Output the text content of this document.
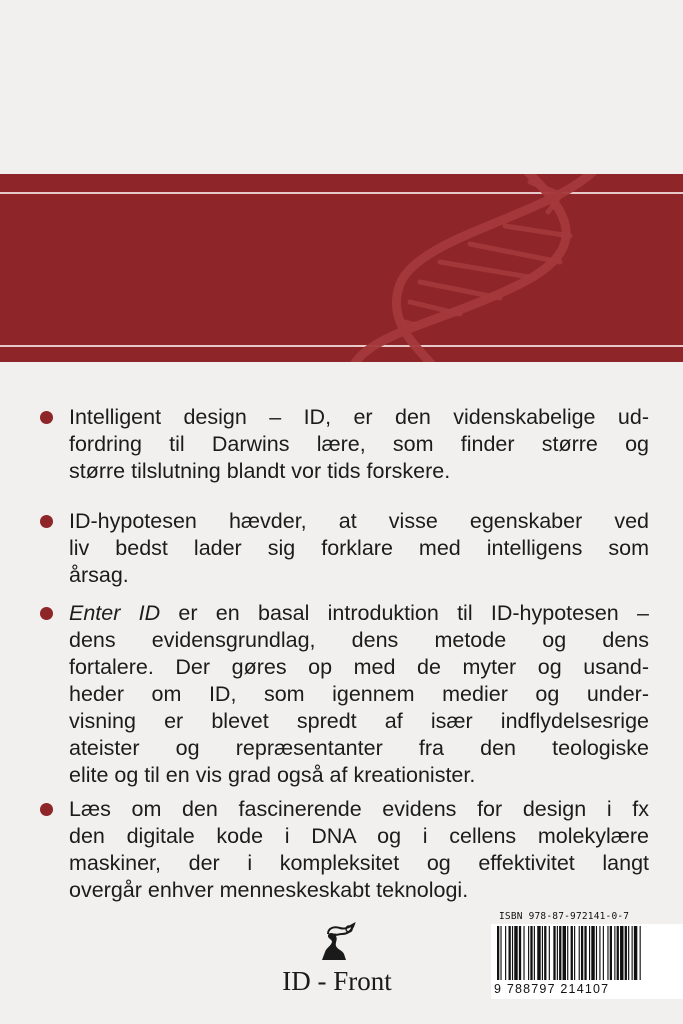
Intelligent design – ID, er den videnskabelige ud-
fordring til Darwins lære, som finder større og
større tilslutning blandt vor tids forskere.
ID-hypotesen hævder, at visse egenskaber ved
liv bedst lader sig forklare med intelligens som
årsag.
Enter ID er en basal introduktion til ID-hypotesen –
dens evidensgrundlag, dens metode og dens
fortalere. Der gøres op med de myter og usand-
heder om ID, som igennem medier og under-
visning er blevet spredt af især indflydelsesrige
ateister og repræsentanter fra den teologiske
elite og til en vis grad også af kreationister.
Læs om den fascinerende evidens for design i fx
den digitale kode i DNA og i cellens molekylære
maskiner, der i kompleksitet og effektivitet langt
overgår enhver menneskeskabt teknologi.
ID - Front
ISBN 978-87-972141-0-7
9 788797 214107
